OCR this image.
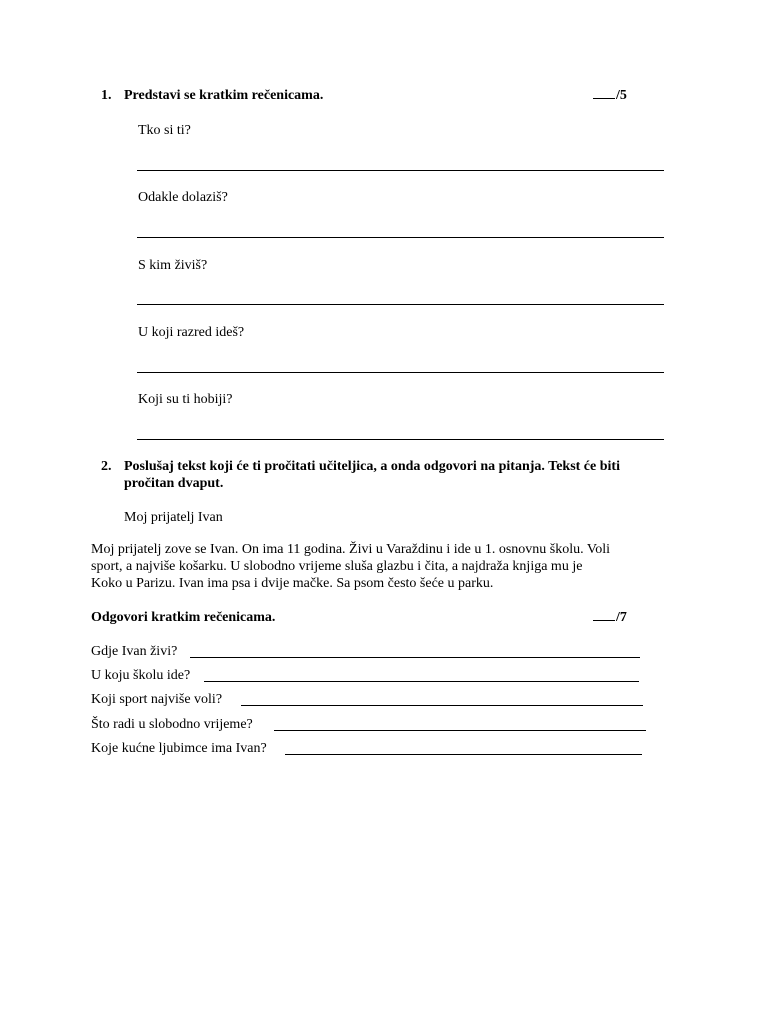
1. Predstavi se kratkim rečenicama.	/5
Tko si ti?
Odakle dolaziš?
S kim živiš?
U koji razred ideš?
Koji su ti hobiji?
2. Poslušaj tekst koji će ti pročitati učiteljica, a onda odgovori na pitanja. Tekst će biti
pročitan dvaput.
Moj prijatelj Ivan
Moj prijatelj zove se Ivan. On ima 11 godina. Živi u Varaždinu i ide u 1. osnovnu školu. Voli
sport, a najviše košarku. U slobodno vrijeme sluša glazbu i čita, a najdraža knjiga mu je
Koko u Parizu. Ivan ima psa i dvije mačke. Sa psom često šeće u parku.
Odgovori kratkim rečenicama.	/7
Gdje Ivan živi?
U koju školu ide?
Koji sport najviše voli?
Što radi u slobodno vrijeme?
Koje kućne ljubimce ima Ivan?
